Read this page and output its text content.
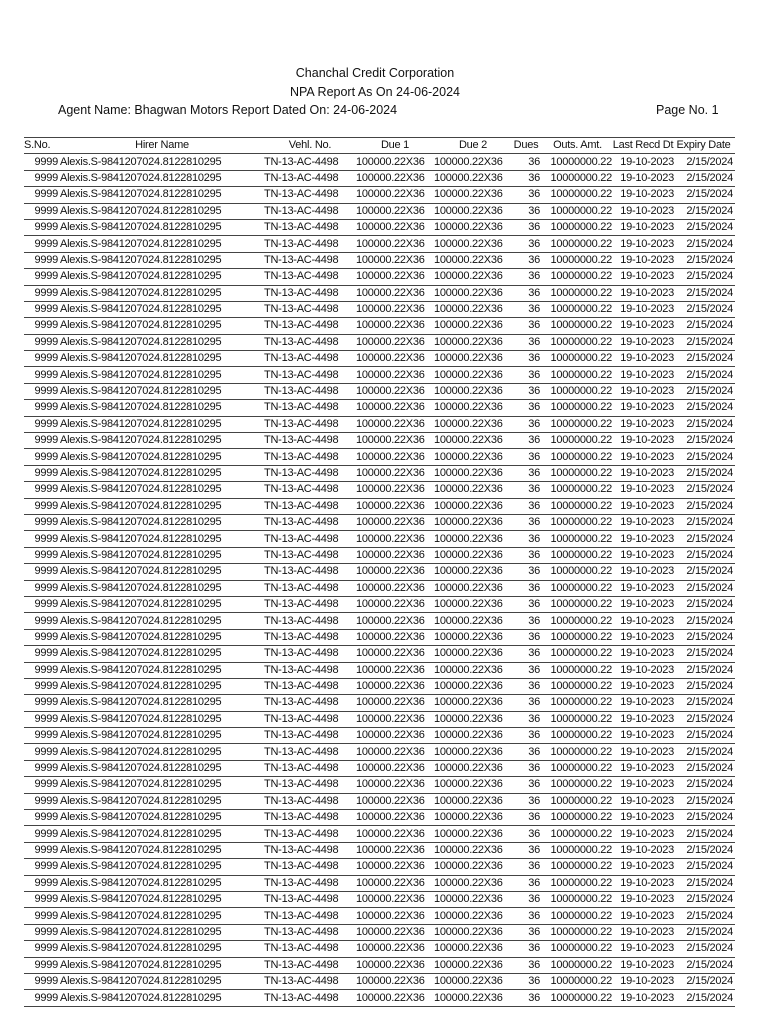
Chanchal Credit Corporation
NPA Report As On 24-06-2024
Agent Name: Bhagwan Motors Report Dated On: 24-06-2024	Page No. 1
S.No.	Hirer Name	Vehl. No.	Due 1	Due 2	Dues	Outs. Amt.	Last Recd Dt	Expiry Date
9999	Alexis.S-9841207024.8122810295	TN-13-AC-4498	100000.22X36	100000.22X36	36	10000000.22	19-10-2023	2/15/2024
9999	Alexis.S-9841207024.8122810295	TN-13-AC-4498	100000.22X36	100000.22X36	36	10000000.22	19-10-2023	2/15/2024
9999	Alexis.S-9841207024.8122810295	TN-13-AC-4498	100000.22X36	100000.22X36	36	10000000.22	19-10-2023	2/15/2024
9999	Alexis.S-9841207024.8122810295	TN-13-AC-4498	100000.22X36	100000.22X36	36	10000000.22	19-10-2023	2/15/2024
9999	Alexis.S-9841207024.8122810295	TN-13-AC-4498	100000.22X36	100000.22X36	36	10000000.22	19-10-2023	2/15/2024
9999	Alexis.S-9841207024.8122810295	TN-13-AC-4498	100000.22X36	100000.22X36	36	10000000.22	19-10-2023	2/15/2024
9999	Alexis.S-9841207024.8122810295	TN-13-AC-4498	100000.22X36	100000.22X36	36	10000000.22	19-10-2023	2/15/2024
9999	Alexis.S-9841207024.8122810295	TN-13-AC-4498	100000.22X36	100000.22X36	36	10000000.22	19-10-2023	2/15/2024
9999	Alexis.S-9841207024.8122810295	TN-13-AC-4498	100000.22X36	100000.22X36	36	10000000.22	19-10-2023	2/15/2024
9999	Alexis.S-9841207024.8122810295	TN-13-AC-4498	100000.22X36	100000.22X36	36	10000000.22	19-10-2023	2/15/2024
9999	Alexis.S-9841207024.8122810295	TN-13-AC-4498	100000.22X36	100000.22X36	36	10000000.22	19-10-2023	2/15/2024
9999	Alexis.S-9841207024.8122810295	TN-13-AC-4498	100000.22X36	100000.22X36	36	10000000.22	19-10-2023	2/15/2024
9999	Alexis.S-9841207024.8122810295	TN-13-AC-4498	100000.22X36	100000.22X36	36	10000000.22	19-10-2023	2/15/2024
9999	Alexis.S-9841207024.8122810295	TN-13-AC-4498	100000.22X36	100000.22X36	36	10000000.22	19-10-2023	2/15/2024
9999	Alexis.S-9841207024.8122810295	TN-13-AC-4498	100000.22X36	100000.22X36	36	10000000.22	19-10-2023	2/15/2024
9999	Alexis.S-9841207024.8122810295	TN-13-AC-4498	100000.22X36	100000.22X36	36	10000000.22	19-10-2023	2/15/2024
9999	Alexis.S-9841207024.8122810295	TN-13-AC-4498	100000.22X36	100000.22X36	36	10000000.22	19-10-2023	2/15/2024
9999	Alexis.S-9841207024.8122810295	TN-13-AC-4498	100000.22X36	100000.22X36	36	10000000.22	19-10-2023	2/15/2024
9999	Alexis.S-9841207024.8122810295	TN-13-AC-4498	100000.22X36	100000.22X36	36	10000000.22	19-10-2023	2/15/2024
9999	Alexis.S-9841207024.8122810295	TN-13-AC-4498	100000.22X36	100000.22X36	36	10000000.22	19-10-2023	2/15/2024
9999	Alexis.S-9841207024.8122810295	TN-13-AC-4498	100000.22X36	100000.22X36	36	10000000.22	19-10-2023	2/15/2024
9999	Alexis.S-9841207024.8122810295	TN-13-AC-4498	100000.22X36	100000.22X36	36	10000000.22	19-10-2023	2/15/2024
9999	Alexis.S-9841207024.8122810295	TN-13-AC-4498	100000.22X36	100000.22X36	36	10000000.22	19-10-2023	2/15/2024
9999	Alexis.S-9841207024.8122810295	TN-13-AC-4498	100000.22X36	100000.22X36	36	10000000.22	19-10-2023	2/15/2024
9999	Alexis.S-9841207024.8122810295	TN-13-AC-4498	100000.22X36	100000.22X36	36	10000000.22	19-10-2023	2/15/2024
9999	Alexis.S-9841207024.8122810295	TN-13-AC-4498	100000.22X36	100000.22X36	36	10000000.22	19-10-2023	2/15/2024
9999	Alexis.S-9841207024.8122810295	TN-13-AC-4498	100000.22X36	100000.22X36	36	10000000.22	19-10-2023	2/15/2024
9999	Alexis.S-9841207024.8122810295	TN-13-AC-4498	100000.22X36	100000.22X36	36	10000000.22	19-10-2023	2/15/2024
9999	Alexis.S-9841207024.8122810295	TN-13-AC-4498	100000.22X36	100000.22X36	36	10000000.22	19-10-2023	2/15/2024
9999	Alexis.S-9841207024.8122810295	TN-13-AC-4498	100000.22X36	100000.22X36	36	10000000.22	19-10-2023	2/15/2024
9999	Alexis.S-9841207024.8122810295	TN-13-AC-4498	100000.22X36	100000.22X36	36	10000000.22	19-10-2023	2/15/2024
9999	Alexis.S-9841207024.8122810295	TN-13-AC-4498	100000.22X36	100000.22X36	36	10000000.22	19-10-2023	2/15/2024
9999	Alexis.S-9841207024.8122810295	TN-13-AC-4498	100000.22X36	100000.22X36	36	10000000.22	19-10-2023	2/15/2024
9999	Alexis.S-9841207024.8122810295	TN-13-AC-4498	100000.22X36	100000.22X36	36	10000000.22	19-10-2023	2/15/2024
9999	Alexis.S-9841207024.8122810295	TN-13-AC-4498	100000.22X36	100000.22X36	36	10000000.22	19-10-2023	2/15/2024
9999	Alexis.S-9841207024.8122810295	TN-13-AC-4498	100000.22X36	100000.22X36	36	10000000.22	19-10-2023	2/15/2024
9999	Alexis.S-9841207024.8122810295	TN-13-AC-4498	100000.22X36	100000.22X36	36	10000000.22	19-10-2023	2/15/2024
9999	Alexis.S-9841207024.8122810295	TN-13-AC-4498	100000.22X36	100000.22X36	36	10000000.22	19-10-2023	2/15/2024
9999	Alexis.S-9841207024.8122810295	TN-13-AC-4498	100000.22X36	100000.22X36	36	10000000.22	19-10-2023	2/15/2024
9999	Alexis.S-9841207024.8122810295	TN-13-AC-4498	100000.22X36	100000.22X36	36	10000000.22	19-10-2023	2/15/2024
9999	Alexis.S-9841207024.8122810295	TN-13-AC-4498	100000.22X36	100000.22X36	36	10000000.22	19-10-2023	2/15/2024
9999	Alexis.S-9841207024.8122810295	TN-13-AC-4498	100000.22X36	100000.22X36	36	10000000.22	19-10-2023	2/15/2024
9999	Alexis.S-9841207024.8122810295	TN-13-AC-4498	100000.22X36	100000.22X36	36	10000000.22	19-10-2023	2/15/2024
9999	Alexis.S-9841207024.8122810295	TN-13-AC-4498	100000.22X36	100000.22X36	36	10000000.22	19-10-2023	2/15/2024
9999	Alexis.S-9841207024.8122810295	TN-13-AC-4498	100000.22X36	100000.22X36	36	10000000.22	19-10-2023	2/15/2024
9999	Alexis.S-9841207024.8122810295	TN-13-AC-4498	100000.22X36	100000.22X36	36	10000000.22	19-10-2023	2/15/2024
9999	Alexis.S-9841207024.8122810295	TN-13-AC-4498	100000.22X36	100000.22X36	36	10000000.22	19-10-2023	2/15/2024
9999	Alexis.S-9841207024.8122810295	TN-13-AC-4498	100000.22X36	100000.22X36	36	10000000.22	19-10-2023	2/15/2024
9999	Alexis.S-9841207024.8122810295	TN-13-AC-4498	100000.22X36	100000.22X36	36	10000000.22	19-10-2023	2/15/2024
9999	Alexis.S-9841207024.8122810295	TN-13-AC-4498	100000.22X36	100000.22X36	36	10000000.22	19-10-2023	2/15/2024
9999	Alexis.S-9841207024.8122810295	TN-13-AC-4498	100000.22X36	100000.22X36	36	10000000.22	19-10-2023	2/15/2024
9999	Alexis.S-9841207024.8122810295	TN-13-AC-4498	100000.22X36	100000.22X36	36	10000000.22	19-10-2023	2/15/2024
